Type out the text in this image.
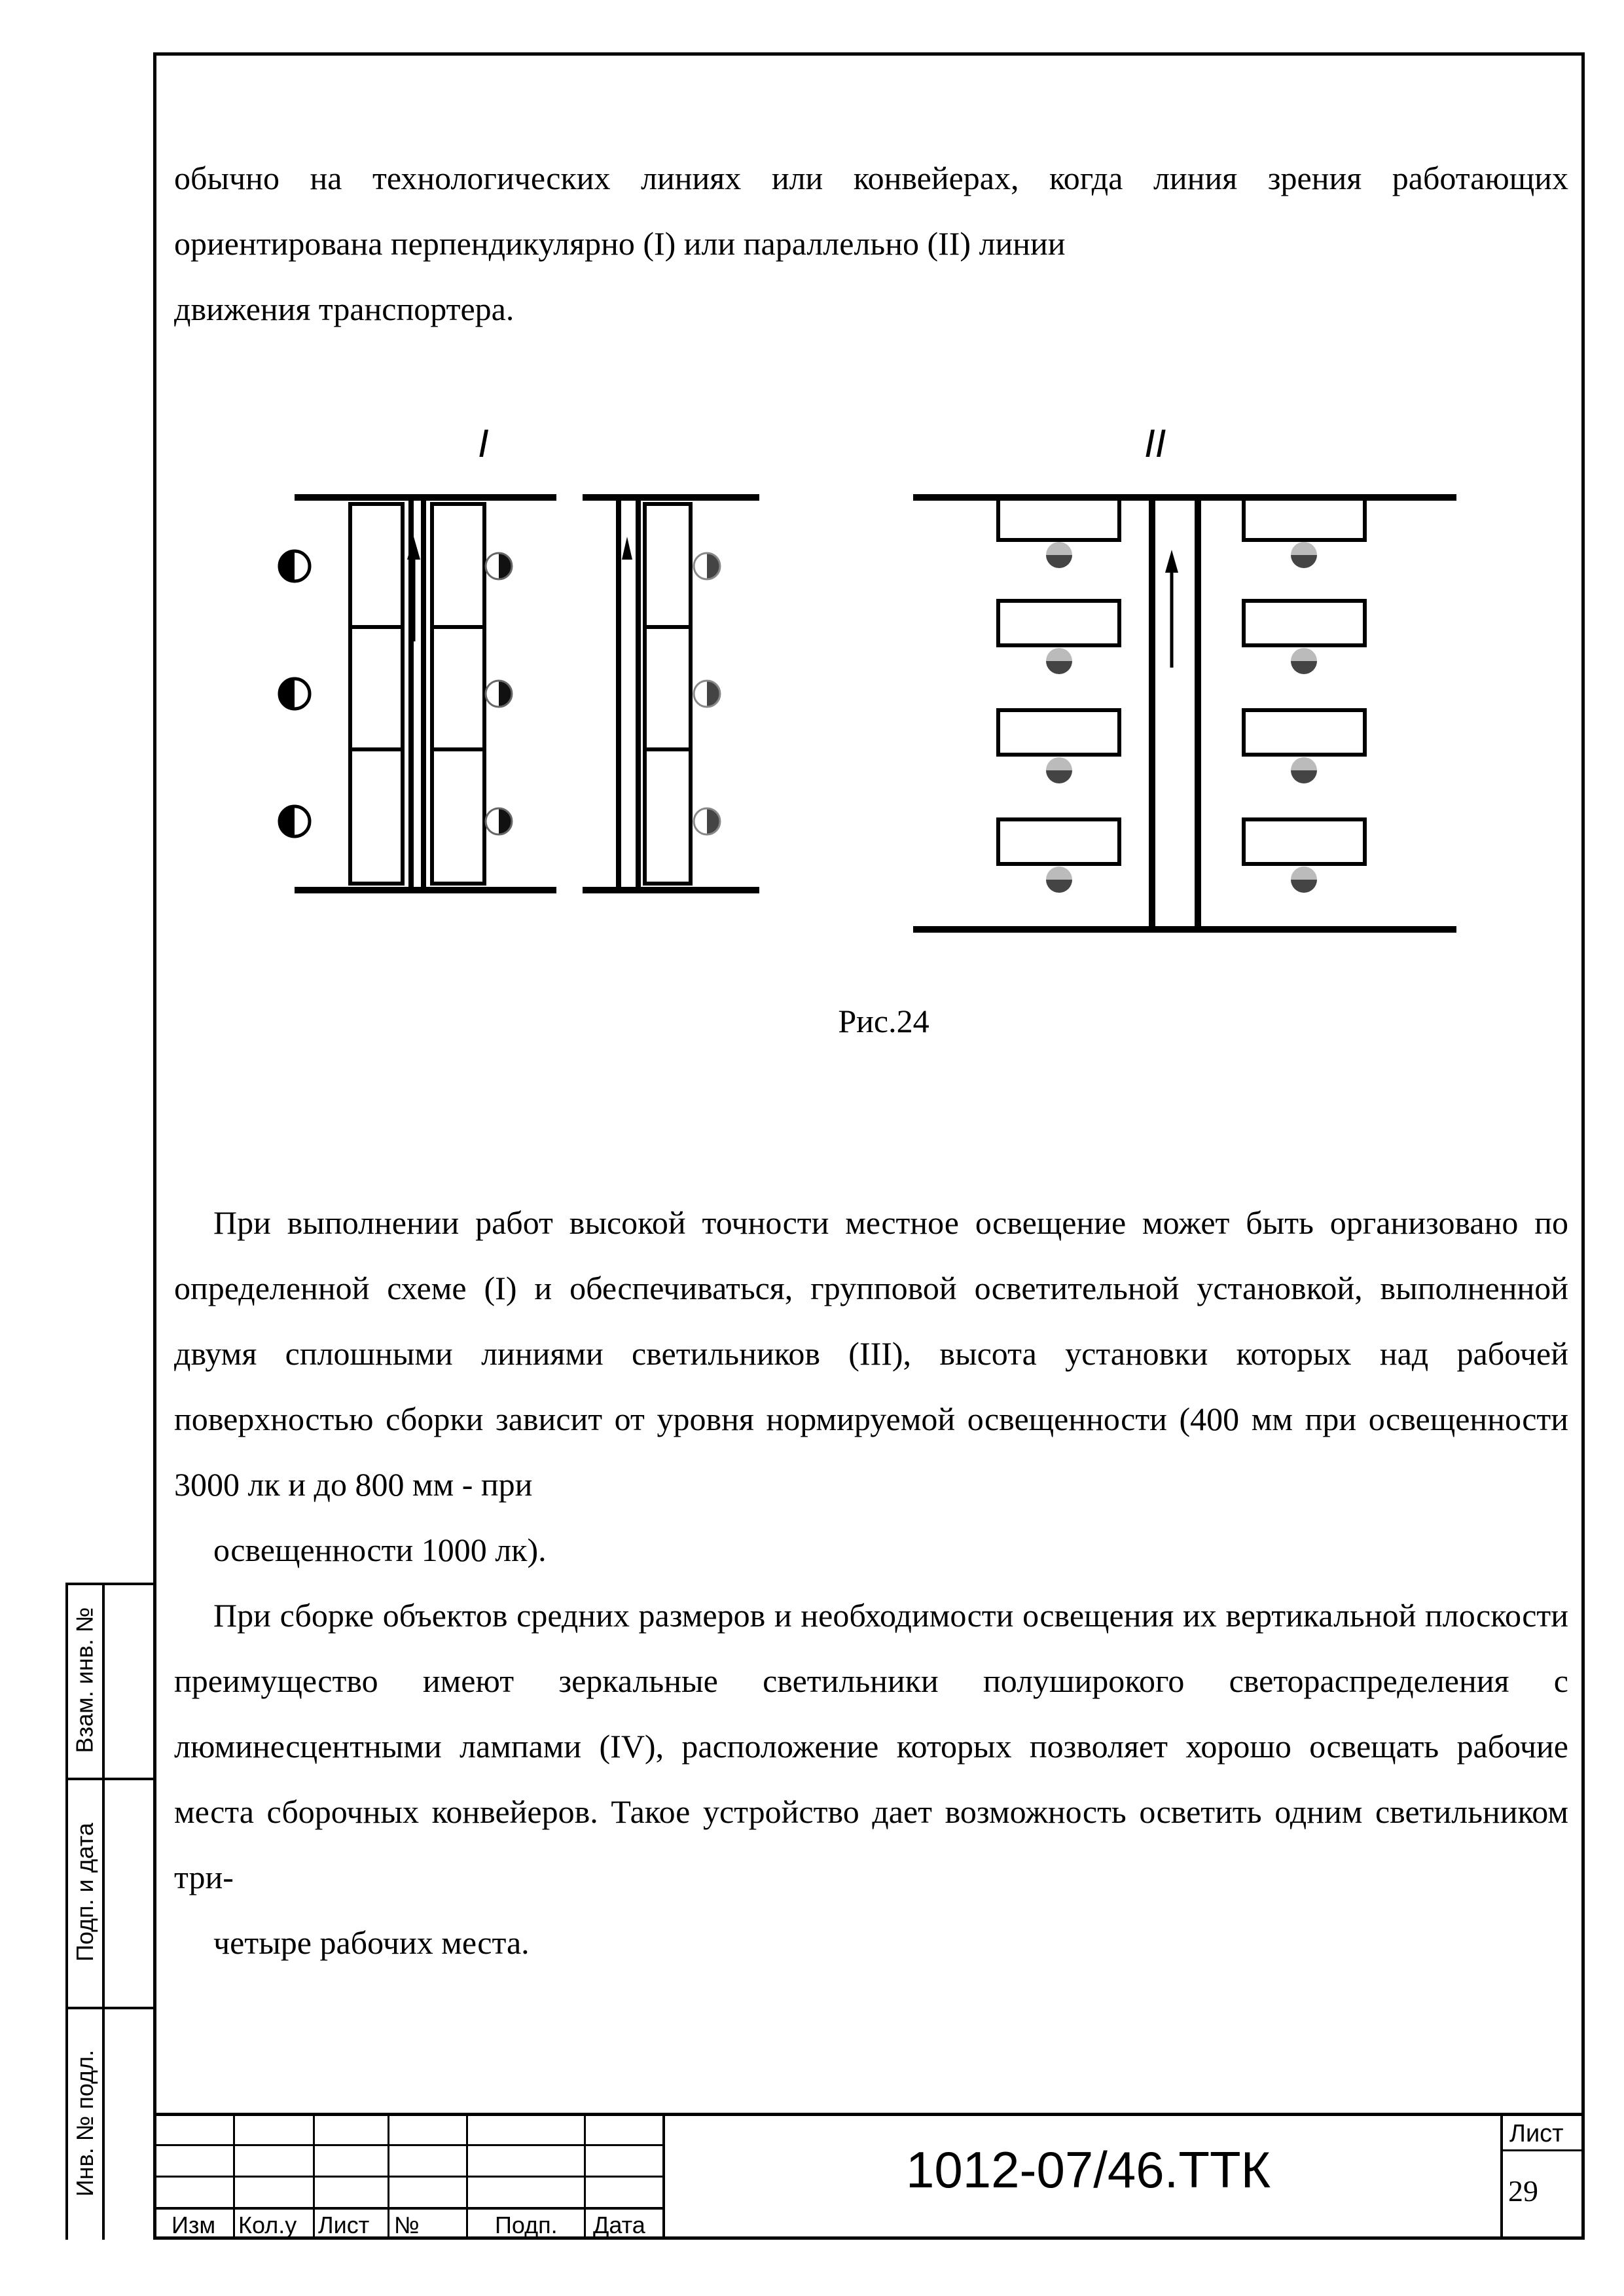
обычно на технологических линиях или конвейерах, когда линия зрения работающих ориентирована перпендикулярно (I) или параллельно (II) линии
движения транспортера.
I	II
Рис.24
При выполнении работ высокой точности местное освещение может быть организовано по определенной схеме (I) и обеспечиваться, групповой осветительной установкой, выполненной двумя сплошными линиями светильников (III), высота установки которых над рабочей поверхностью сборки зависит от уровня нормируемой освещенности (400 мм при освещенности 3000 лк и до 800 мм - при
освещенности 1000 лк).
При сборке объектов средних размеров и необходимости освещения их вертикальной плоскости преимущество имеют зеркальные светильники полуширокого светораспределения с люминесцентными лампами (IV), расположение которых позволяет хорошо освещать рабочие места сборочных конвейеров. Такое устройство дает возможность осветить одним светильником три-
четыре рабочих места.
Взам. инв. №
Подп. и дата
Инв. № подл.
Изм Кол.у Лист №	Подп. Дата
1012-07/46.ТТК
Лист
29
